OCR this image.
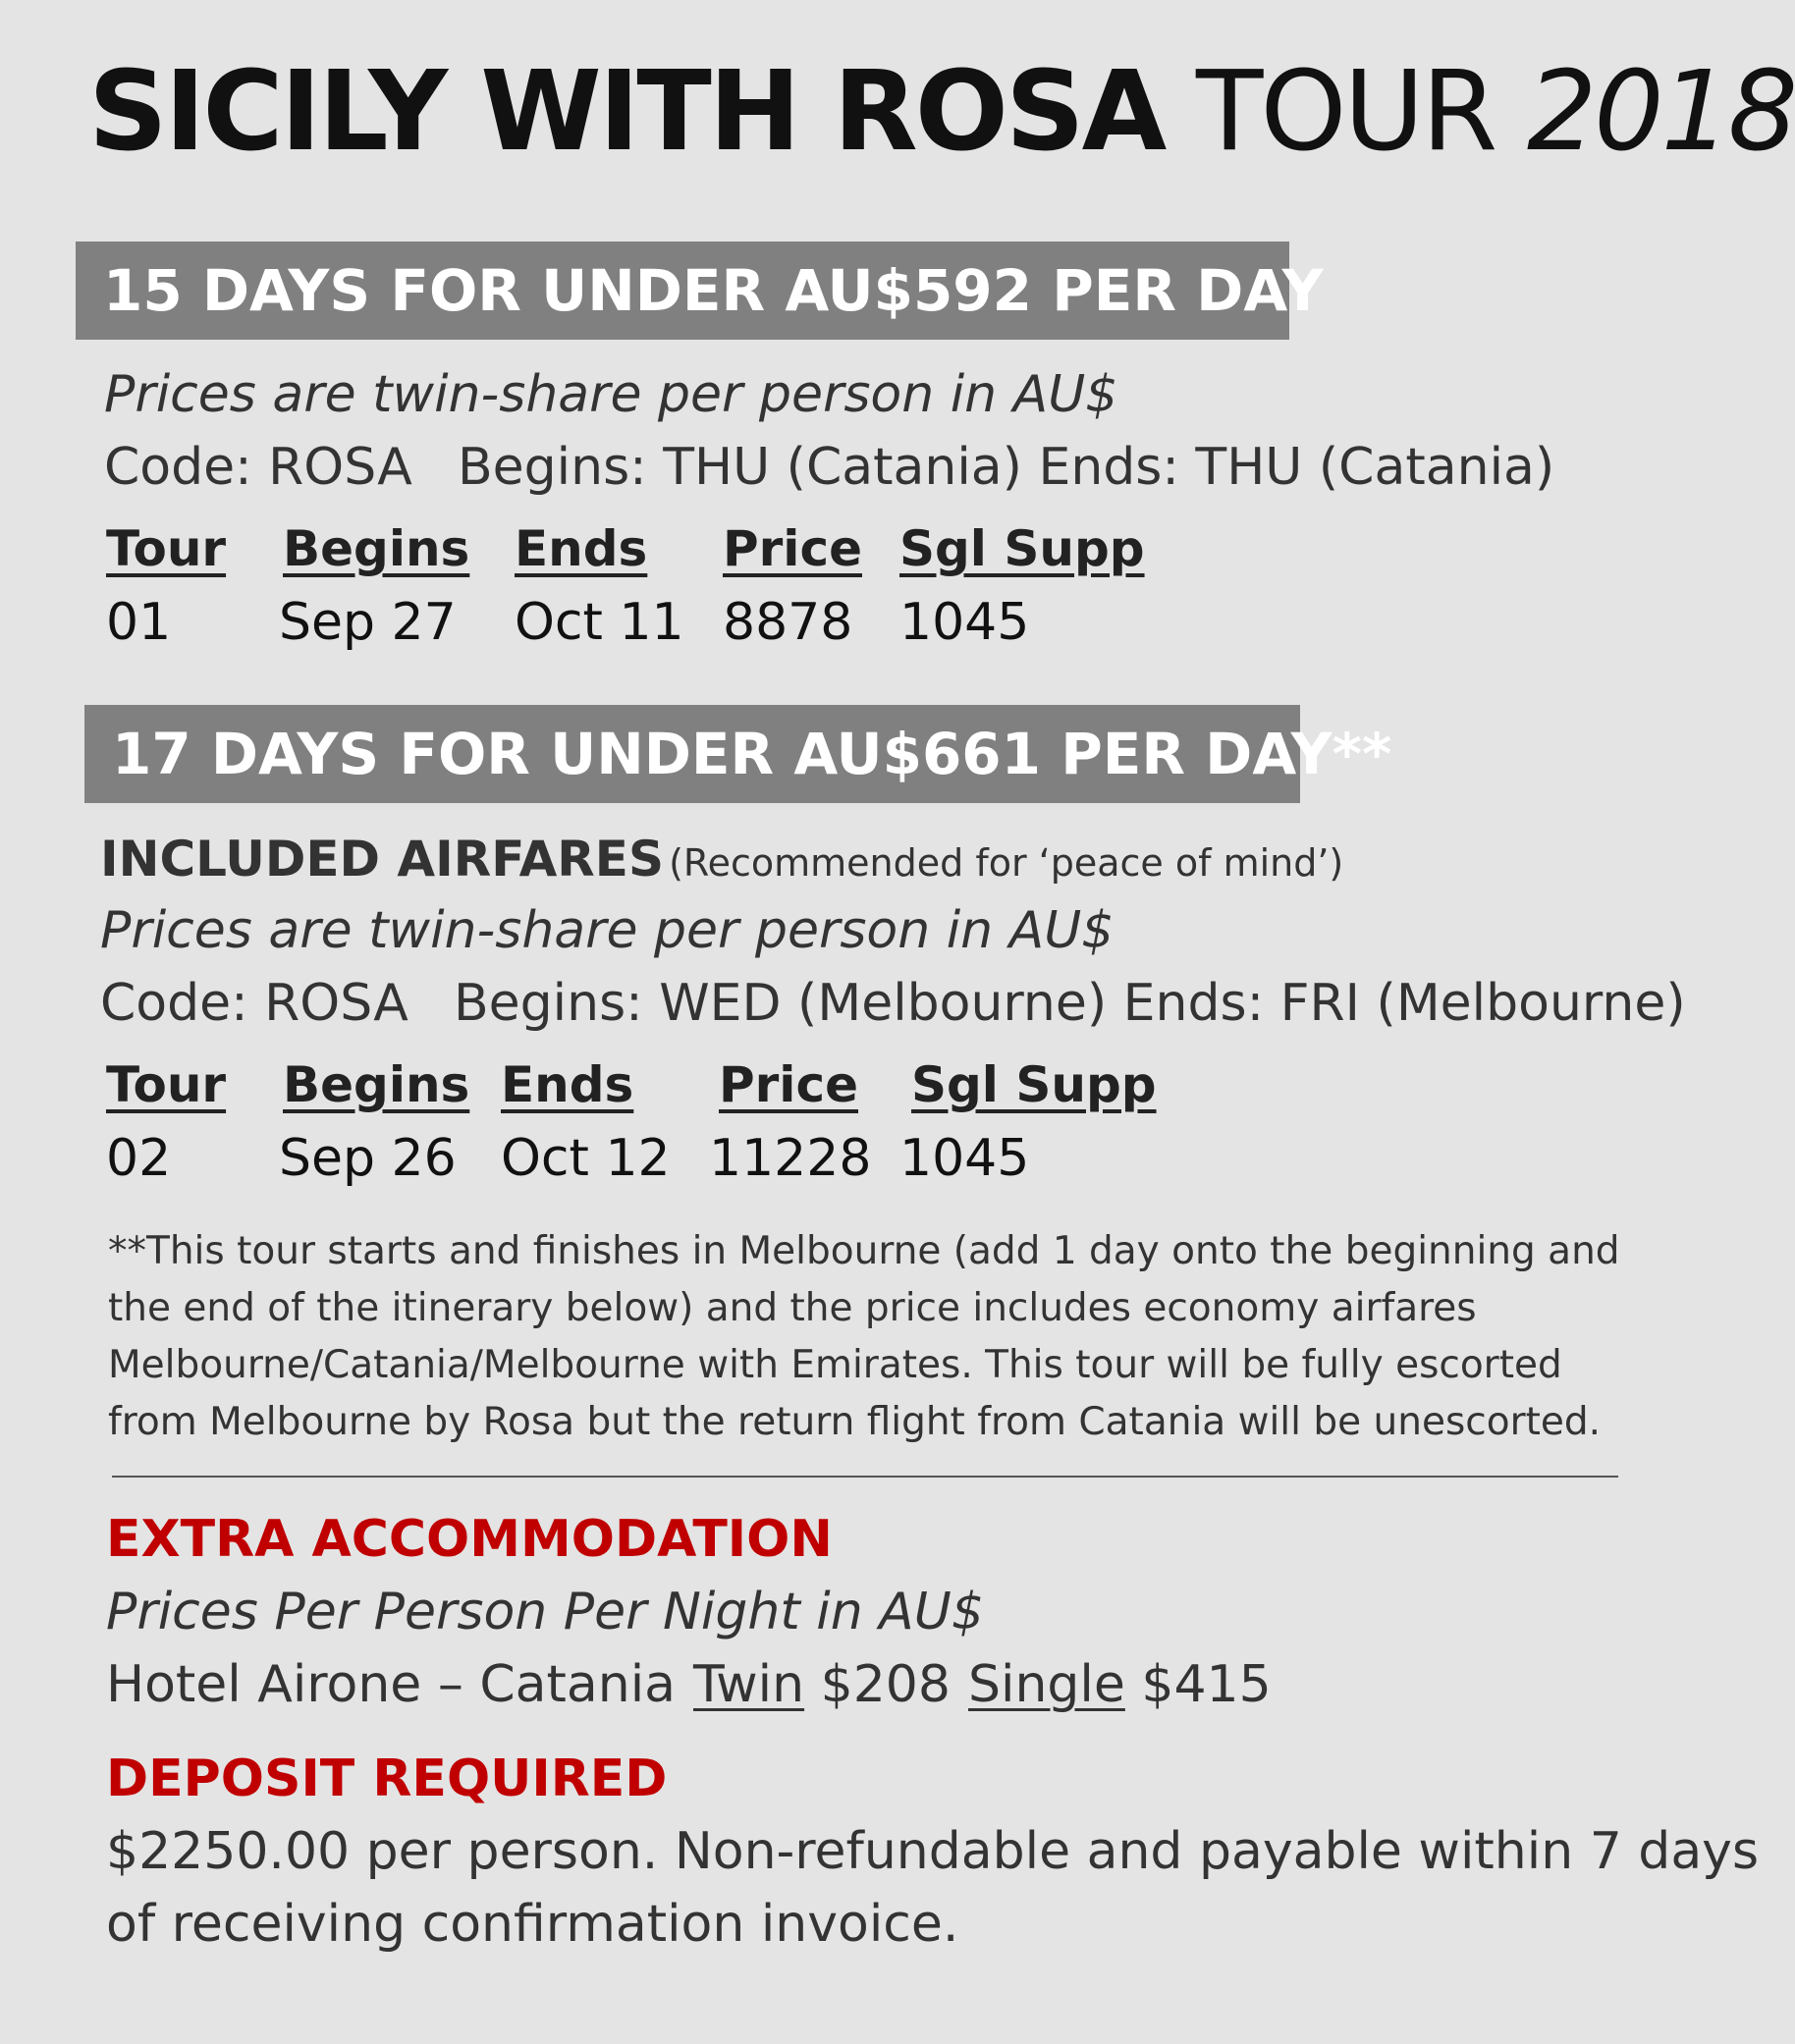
SICILY WITH ROSA TOUR 2018
15 DAYS FOR UNDER AU$592 PER DAY
Prices are twin-share per person in AU$
Code: ROSA Begins: THU (Catania) Ends: THU (Catania)
Tour Begins Ends Price Sgl Supp
01 Sep 27 Oct 11 8878 1045
17 DAYS FOR UNDER AU$661 PER DAY**
INCLUDED AIRFARES (Recommended for ‘peace of mind’)
Prices are twin-share per person in AU$
Code: ROSA Begins: WED (Melbourne) Ends: FRI (Melbourne)
Tour Begins Ends Price Sgl Supp
02 Sep 26 Oct 12 11228 1045
**This tour starts and finishes in Melbourne (add 1 day onto the beginning and the end of the itinerary below) and the price includes economy airfares Melbourne/Catania/Melbourne with Emirates. This tour will be fully escorted from Melbourne by Rosa but the return flight from Catania will be unescorted.
EXTRA ACCOMMODATION
Prices Per Person Per Night in AU$
Hotel Airone – Catania Twin $208 Single $415
DEPOSIT REQUIRED
$2250.00 per person. Non-refundable and payable within 7 days
of receiving confirmation invoice.
